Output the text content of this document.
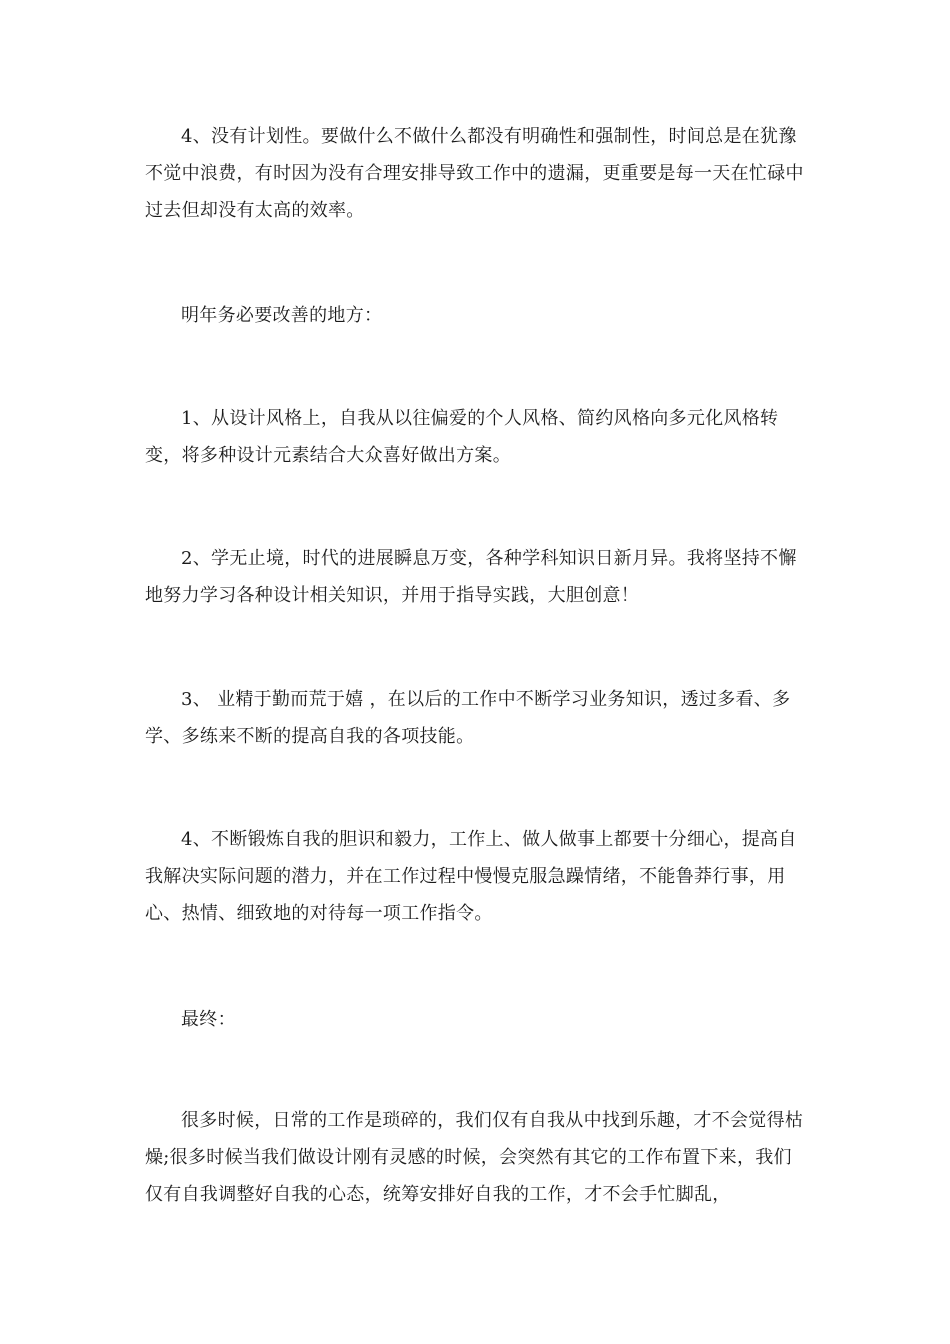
4、没有计划性。要做什么不做什么都没有明确性和强制性，时间总是在犹豫不觉中浪费，有时因为没有合理安排导致工作中的遗漏，更重要是每一天在忙碌中过去但却没有太高的效率。

明年务必要改善的地方：

1、从设计风格上，自我从以往偏爱的个人风格、简约风格向多元化风格转变，将多种设计元素结合大众喜好做出方案。

2、学无止境，时代的进展瞬息万变，各种学科知识日新月异。我将坚持不懈地努力学习各种设计相关知识，并用于指导实践，大胆创意！

3、 业精于勤而荒于嬉 ，在以后的工作中不断学习业务知识，透过多看、多学、多练来不断的提高自我的各项技能。

4、不断锻炼自我的胆识和毅力，工作上、做人做事上都要十分细心，提高自我解决实际问题的潜力，并在工作过程中慢慢克服急躁情绪，不能鲁莽行事，用心、热情、细致地的对待每一项工作指令。

最终：

很多时候，日常的工作是琐碎的，我们仅有自我从中找到乐趣，才不会觉得枯燥;很多时候当我们做设计刚有灵感的时候，会突然有其它的工作布置下来，我们仅有自我调整好自我的心态，统筹安排好自我的工作，才不会手忙脚乱，
